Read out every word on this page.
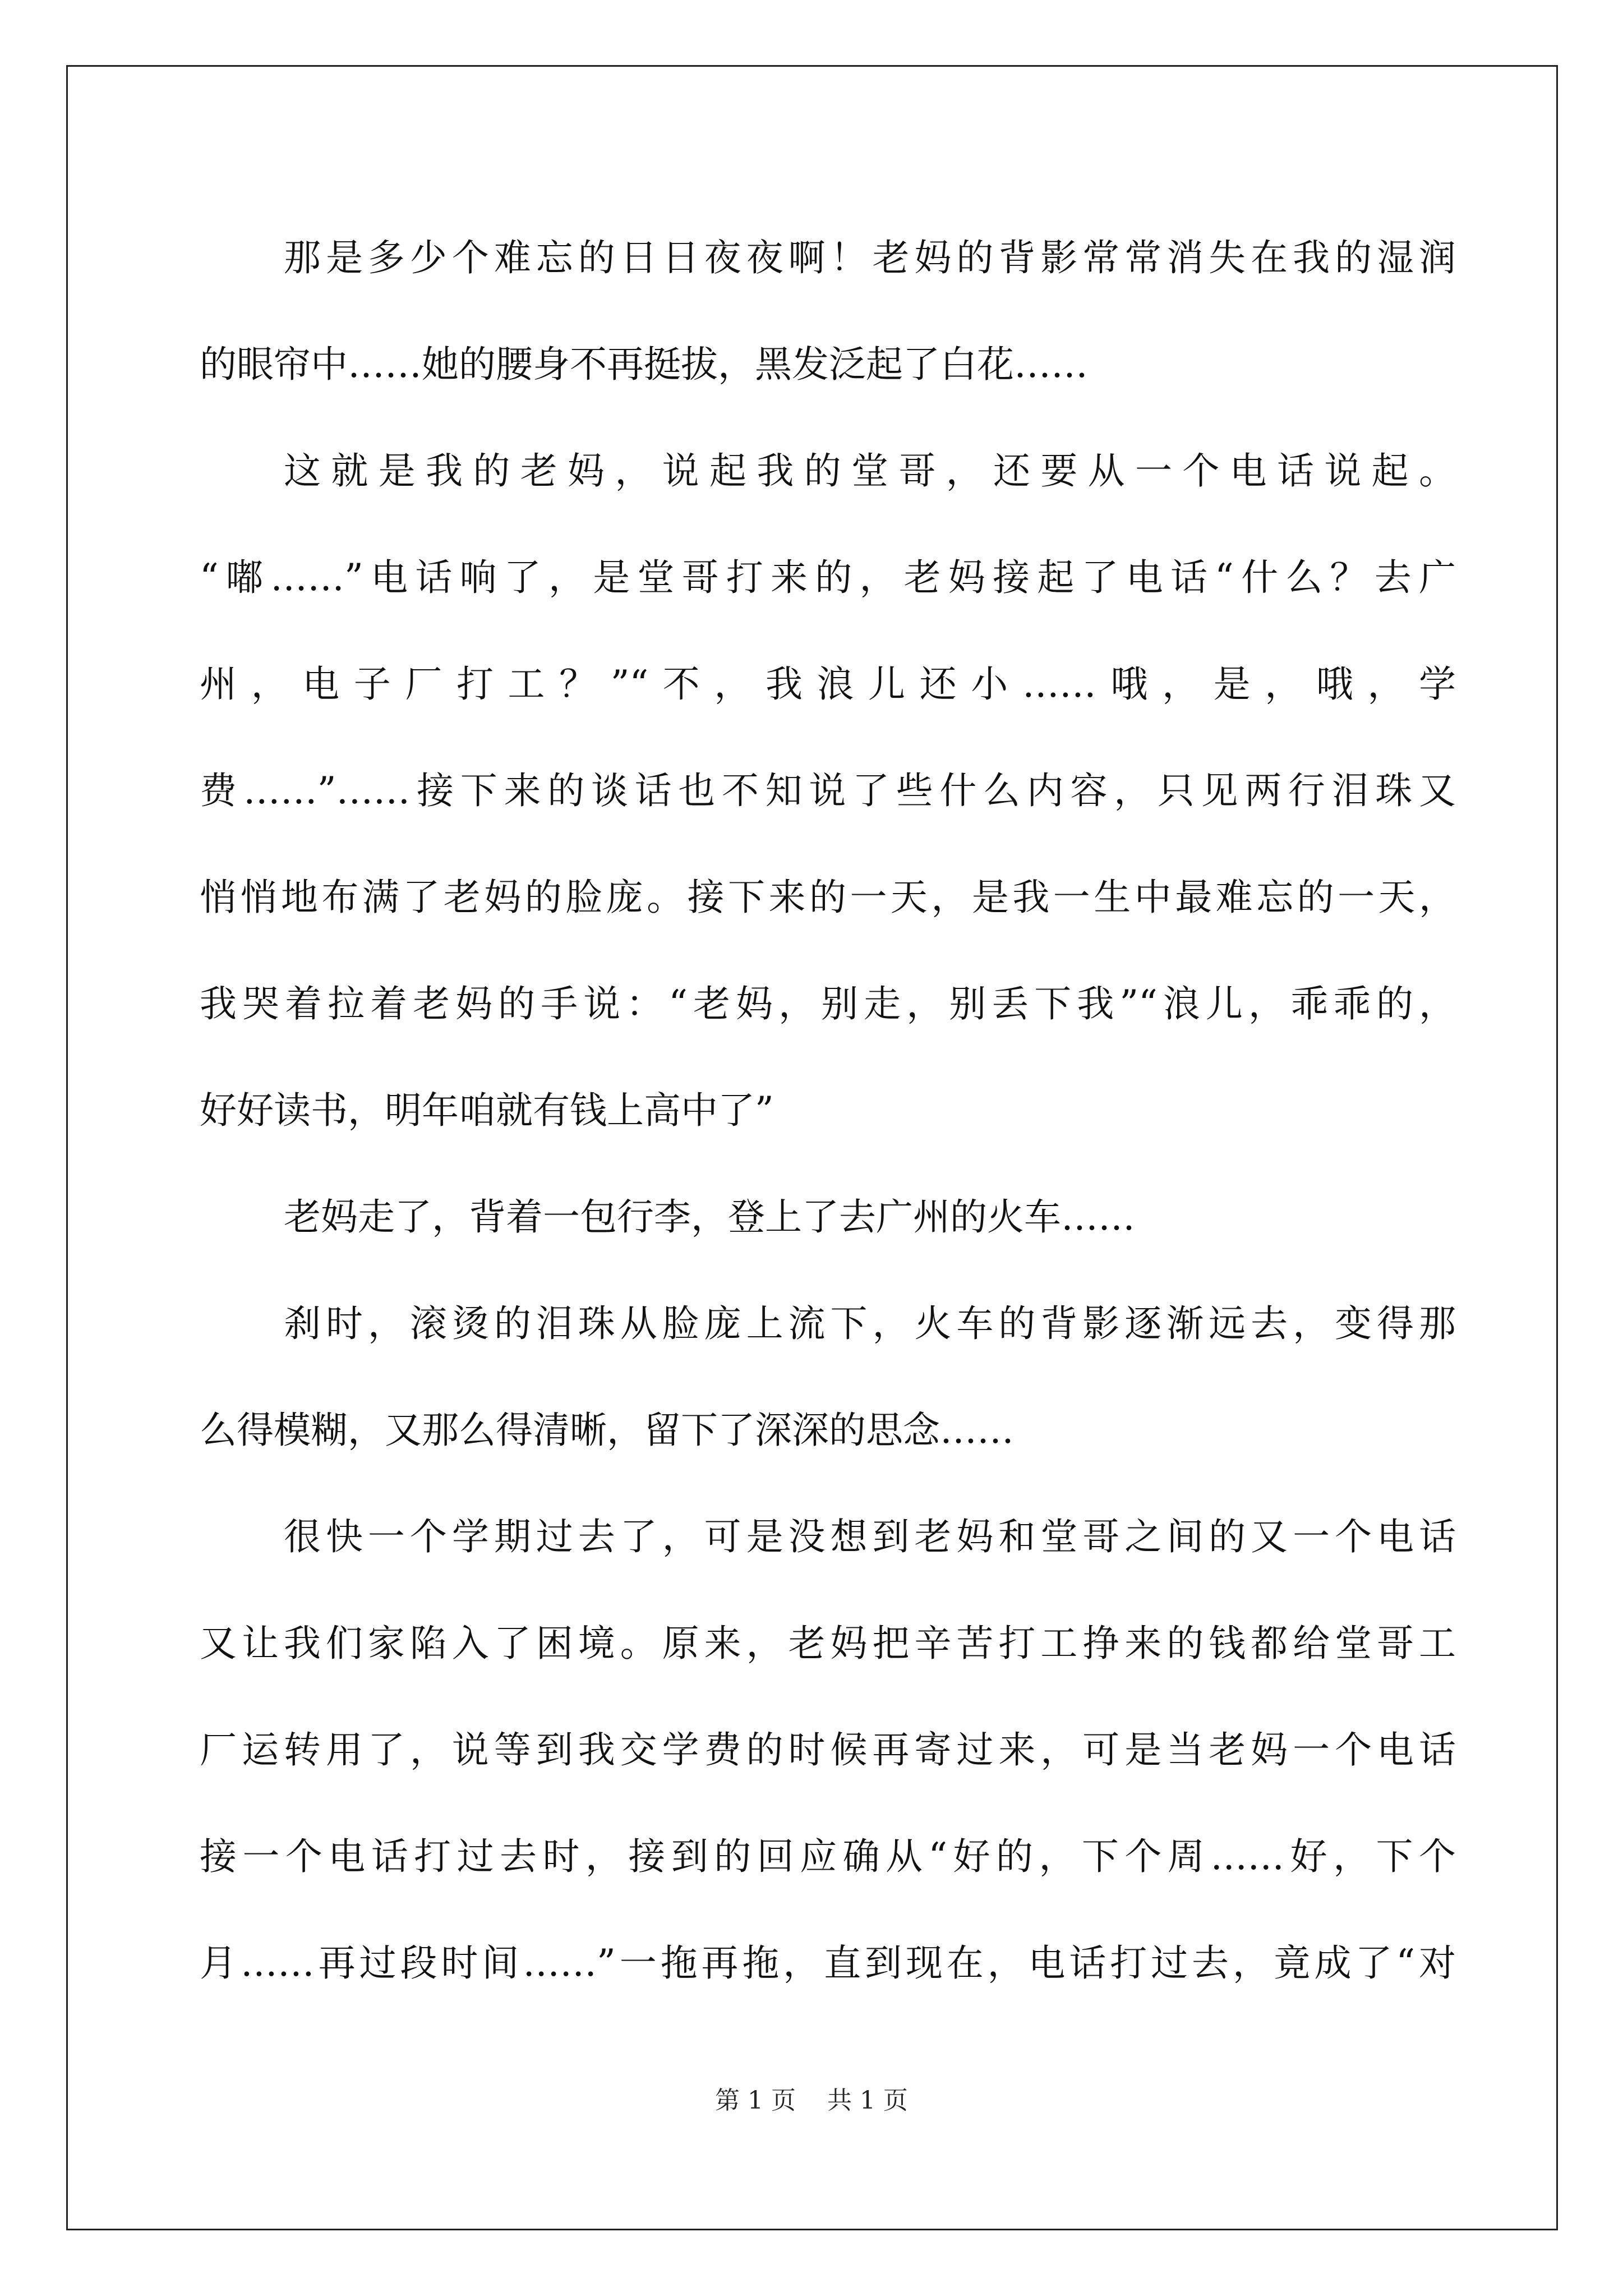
那是多少个难忘的日日夜夜啊！老妈的背影常常消失在我的湿润
的眼帘中……她的腰身不再挺拔，黑发泛起了白花……
这就是我的老妈，说起我的堂哥，还要从一个电话说起。
“嘟……”电话响了，是堂哥打来的，老妈接起了电话“什么？去广
州，电子厂打工？”“不，我浪儿还小……哦，是，哦，学
费……”……接下来的谈话也不知说了些什么内容，只见两行泪珠又
悄悄地布满了老妈的脸庞。接下来的一天，是我一生中最难忘的一天，
我哭着拉着老妈的手说：“老妈，别走，别丢下我”“浪儿，乖乖的，
好好读书，明年咱就有钱上高中了”
老妈走了，背着一包行李，登上了去广州的火车……
刹时，滚烫的泪珠从脸庞上流下，火车的背影逐渐远去，变得那
么得模糊，又那么得清晰，留下了深深的思念……
很快一个学期过去了，可是没想到老妈和堂哥之间的又一个电话
又让我们家陷入了困境。原来，老妈把辛苦打工挣来的钱都给堂哥工
厂运转用了，说等到我交学费的时候再寄过来，可是当老妈一个电话
接一个电话打过去时，接到的回应确从“好的，下个周……好，下个
月……再过段时间……”一拖再拖，直到现在，电话打过去，竟成了“对
第 1 页    共 1 页
